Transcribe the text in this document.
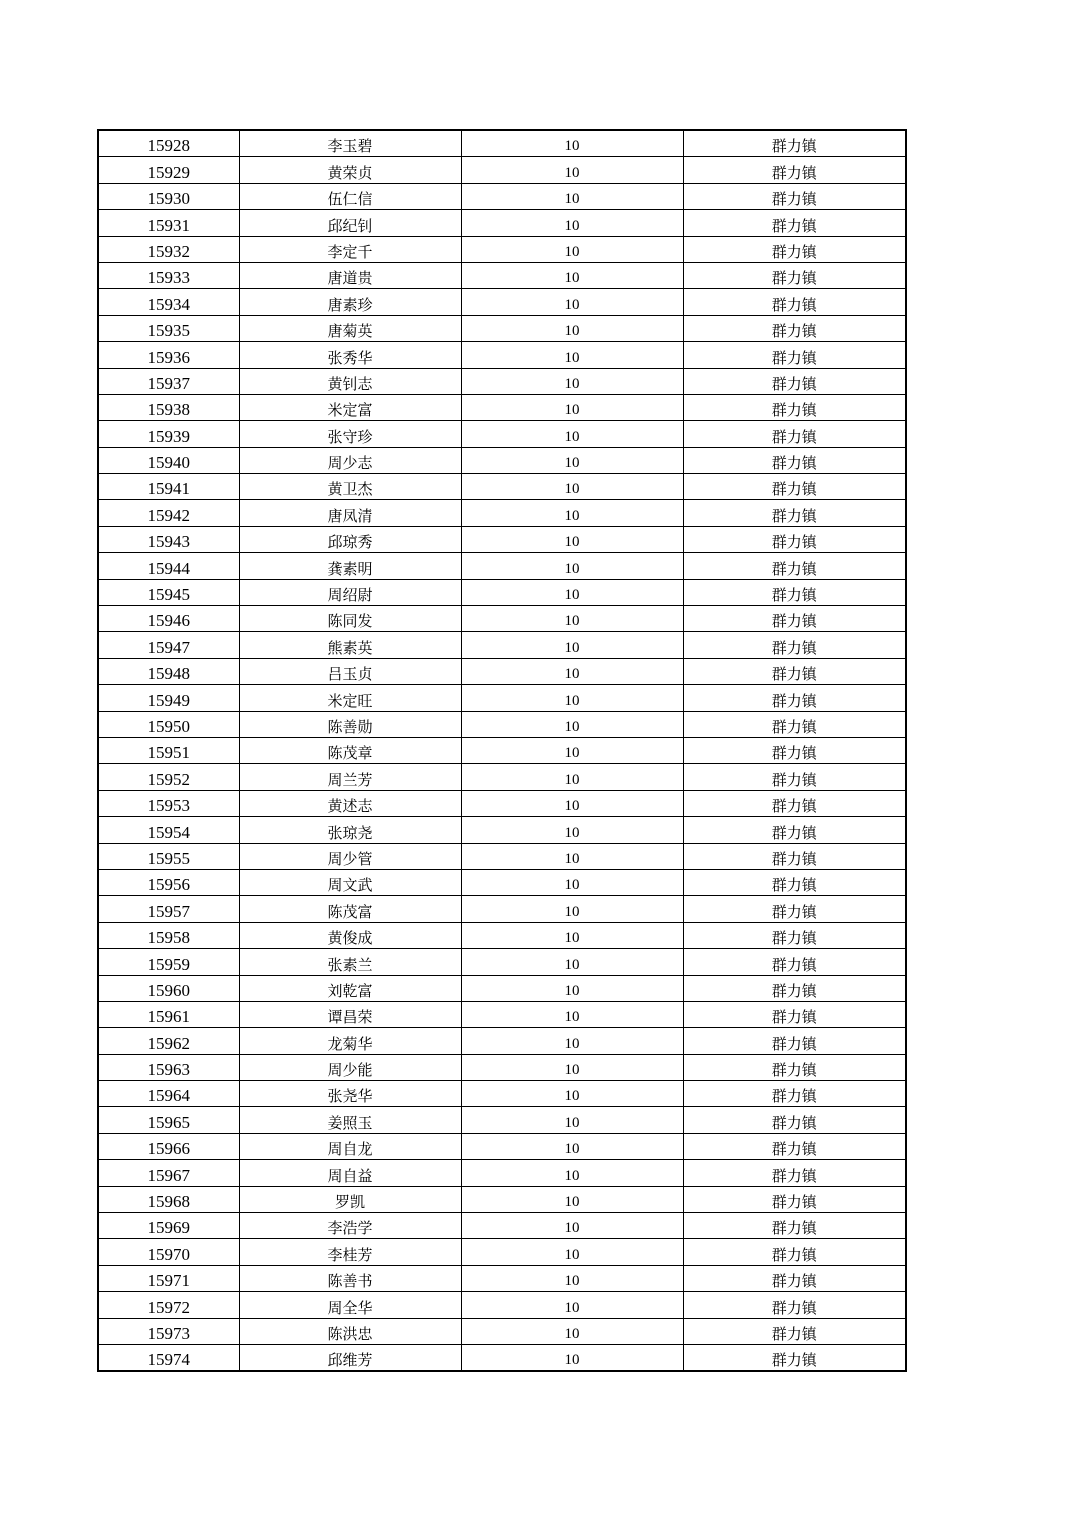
15928	李玉碧	10	群力镇
15929	黄荣贞	10	群力镇
15930	伍仁信	10	群力镇
15931	邱纪钊	10	群力镇
15932	李定千	10	群力镇
15933	唐道贵	10	群力镇
15934	唐素珍	10	群力镇
15935	唐菊英	10	群力镇
15936	张秀华	10	群力镇
15937	黄钊志	10	群力镇
15938	米定富	10	群力镇
15939	张守珍	10	群力镇
15940	周少志	10	群力镇
15941	黄卫杰	10	群力镇
15942	唐凤清	10	群力镇
15943	邱琼秀	10	群力镇
15944	龚素明	10	群力镇
15945	周绍尉	10	群力镇
15946	陈同发	10	群力镇
15947	熊素英	10	群力镇
15948	吕玉贞	10	群力镇
15949	米定旺	10	群力镇
15950	陈善勋	10	群力镇
15951	陈茂章	10	群力镇
15952	周兰芳	10	群力镇
15953	黄述志	10	群力镇
15954	张琼尧	10	群力镇
15955	周少管	10	群力镇
15956	周文武	10	群力镇
15957	陈茂富	10	群力镇
15958	黄俊成	10	群力镇
15959	张素兰	10	群力镇
15960	刘乾富	10	群力镇
15961	谭昌荣	10	群力镇
15962	龙菊华	10	群力镇
15963	周少能	10	群力镇
15964	张尧华	10	群力镇
15965	姜照玉	10	群力镇
15966	周自龙	10	群力镇
15967	周自益	10	群力镇
15968	罗凯	10	群力镇
15969	李浩学	10	群力镇
15970	李桂芳	10	群力镇
15971	陈善书	10	群力镇
15972	周全华	10	群力镇
15973	陈洪忠	10	群力镇
15974	邱维芳	10	群力镇
